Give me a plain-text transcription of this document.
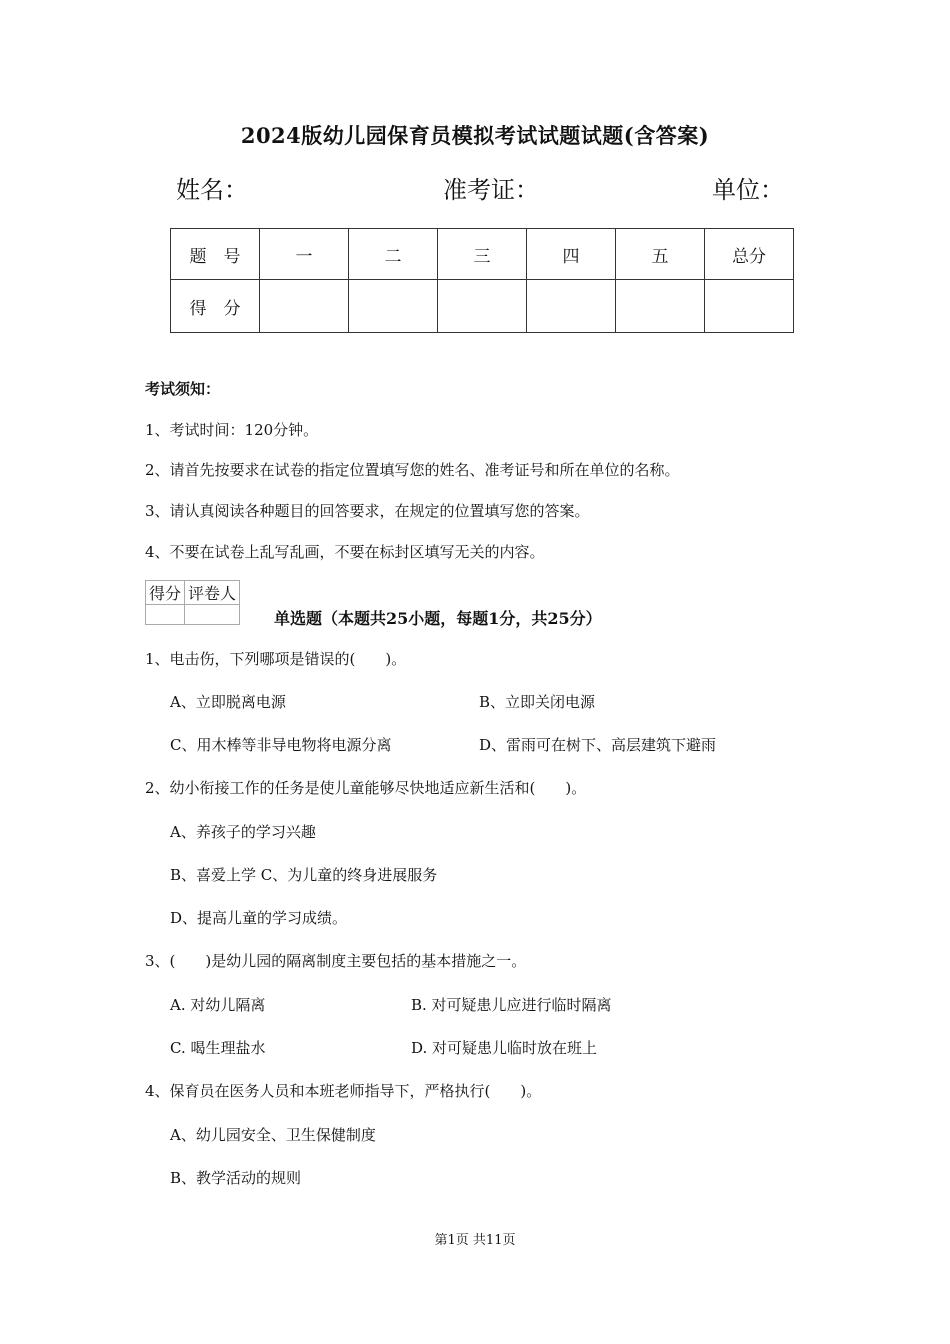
2024版幼儿园保育员模拟考试试题试题(含答案)
姓名：	准考证：	单位：
题　号	一	二	三	四	五	总分
得　分						
考试须知：
1、考试时间：120分钟。
2、请首先按要求在试卷的指定位置填写您的姓名、准考证号和所在单位的名称。
3、请认真阅读各种题目的回答要求，在规定的位置填写您的答案。
4、不要在试卷上乱写乱画，不要在标封区填写无关的内容。
得分	评卷人

单选题（本题共25小题，每题1分，共25分）
1、电击伤，下列哪项是错误的(　　)。
A、立即脱离电源	B、立即关闭电源
C、用木棒等非导电物将电源分离	D、雷雨可在树下、高层建筑下避雨
2、幼小衔接工作的任务是使儿童能够尽快地适应新生活和(　　)。
A、养孩子的学习兴趣
B、喜爱上学 C、为儿童的终身进展服务
D、提高儿童的学习成绩。
3、(　　)是幼儿园的隔离制度主要包括的基本措施之一。
A. 对幼儿隔离	B. 对可疑患儿应进行临时隔离
C. 喝生理盐水	D. 对可疑患儿临时放在班上
4、保育员在医务人员和本班老师指导下，严格执行(　　)。
A、幼儿园安全、卫生保健制度
B、教学活动的规则
第1页 共11页
